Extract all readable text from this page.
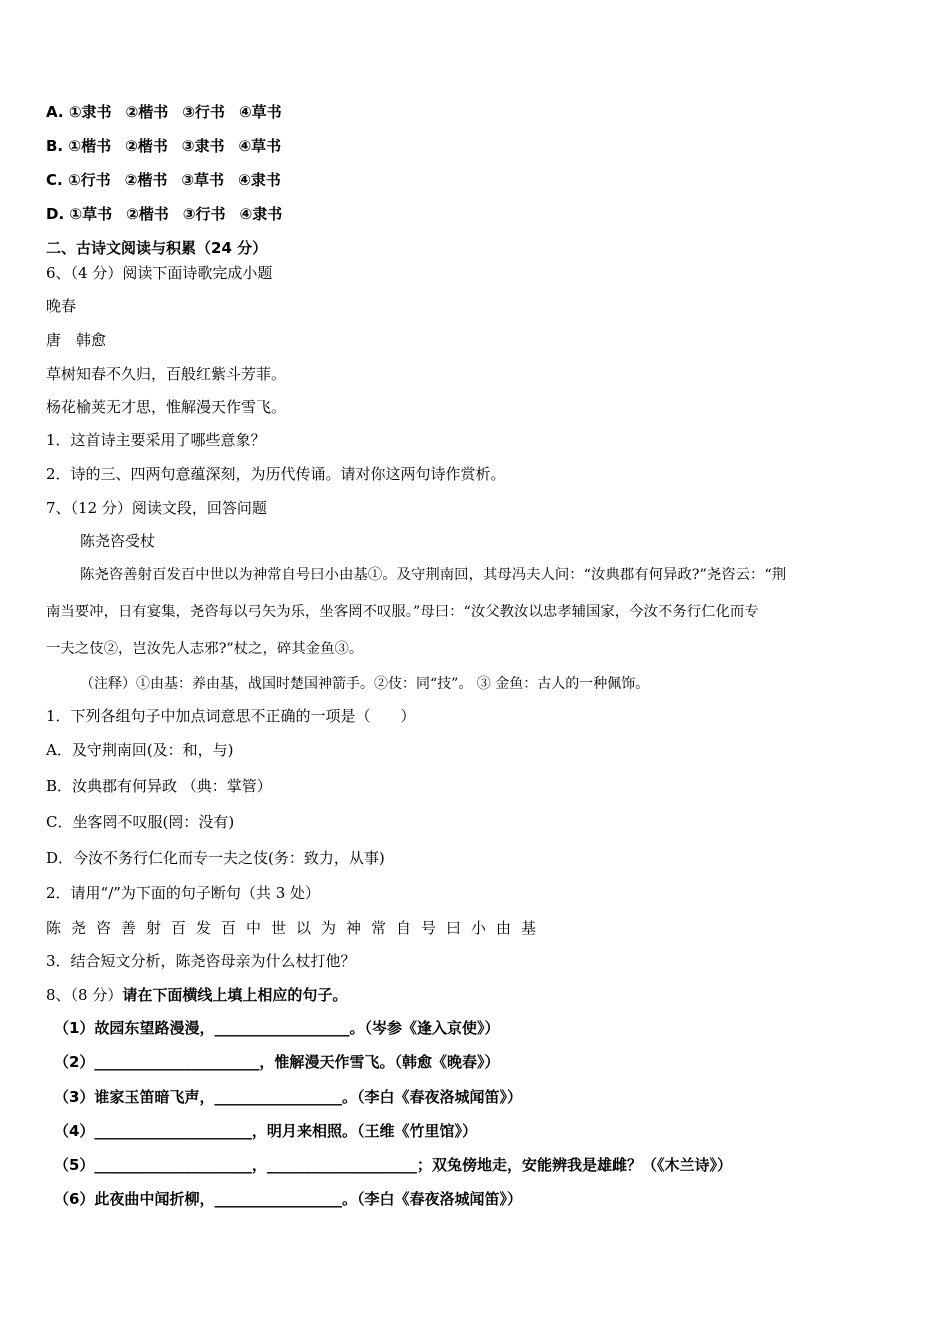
A. ①隶书 ②楷书 ③行书 ④草书
B. ①楷书 ②楷书 ③隶书 ④草书
C. ①行书 ②楷书 ③草书 ④隶书
D. ①草书 ②楷书 ③行书 ④隶书
二、古诗文阅读与积累（24 分）
6、（4 分）阅读下面诗歌完成小题
晚春
唐　韩愈
草树知春不久归，百般红紫斗芳菲。
杨花榆荚无才思，惟解漫天作雪飞。
1．这首诗主要采用了哪些意象？
2．诗的三、四两句意蕴深刻，为历代传诵。请对你这两句诗作赏析。
7、（12 分）阅读文段，回答问题
陈尧咨受杖
陈尧咨善射百发百中世以为神常自号曰小由基①。及守荆南回，其母冯夫人问：“汝典郡有何异政?”尧咨云：“荆
南当要冲，日有宴集，尧咨每以弓矢为乐，坐客罔不叹服。”母曰：“汝父教汝以忠孝辅国家，今汝不务行仁化而专
一夫之伎②，岂汝先人志邪?”杖之，碎其金鱼③。
（注释）①由基：养由基，战国时楚国神箭手。②伎：同“技”。 ③ 金鱼：古人的一种佩饰。
1．下列各组句子中加点词意思不正确的一项是（　　）
A．及守荆南回(及：和，与)
B．汝典郡有何异政 （典：掌管）
C．坐客罔不叹服(罔：没有)
D．今汝不务行仁化而专一夫之伎(务：致力，从事)
2．请用“/”为下面的句子断句（共 3 处）
陈尧咨善射百发百中世以为神常自号曰小由基
3．结合短文分析，陈尧咨母亲为什么杖打他？
8、（8 分）请在下面横线上填上相应的句子。
（1）故园东望路漫漫，__________________。（岑参《逢入京使》）
（2）______________________，惟解漫天作雪飞。（韩愈《晚春》）
（3）谁家玉笛暗飞声，_________________。（李白《春夜洛城闻笛》）
（4）_____________________，明月来相照。（王维《竹里馆》）
（5）_____________________，____________________；双兔傍地走，安能辨我是雄雌？（《木兰诗》）
（6）此夜曲中闻折柳，_________________。（李白《春夜洛城闻笛》）
